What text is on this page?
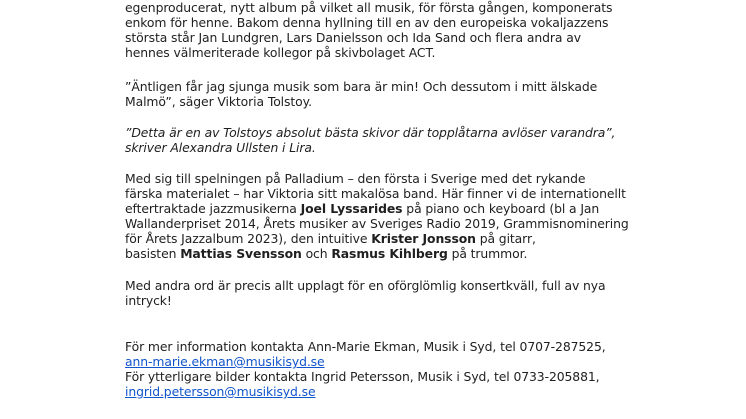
egenproducerat, nytt album på vilket all musik, för första gången, komponerats
enkom för henne. Bakom denna hyllning till en av den europeiska vokaljazzens
största står Jan Lundgren, Lars Danielsson och Ida Sand och flera andra av
hennes välmeriterade kollegor på skivbolaget ACT.

”Äntligen får jag sjunga musik som bara är min! Och dessutom i mitt älskade
Malmö”, säger Viktoria Tolstoy.

”Detta är en av Tolstoys absolut bästa skivor där topplåtarna avlöser varandra”,
skriver Alexandra Ullsten i Lira.

Med sig till spelningen på Palladium – den första i Sverige med det rykande
färska materialet – har Viktoria sitt makalösa band. Här finner vi de internationellt
eftertraktade jazzmusikerna Joel Lyssarides på piano och keyboard (bl a Jan
Wallanderpriset 2014, Årets musiker av Sveriges Radio 2019, Grammisnominering
för Årets Jazzalbum 2023), den intuitive Krister Jonsson på gitarr,
basisten Mattias Svensson och Rasmus Kihlberg på trummor.

Med andra ord är precis allt upplagt för en oförglömlig konsertkväll, full av nya
intryck!

För mer information kontakta Ann-Marie Ekman, Musik i Syd, tel 0707-287525,
ann-marie.ekman@musikisyd.se
För ytterligare bilder kontakta Ingrid Petersson, Musik i Syd, tel 0733-205881,
ingrid.petersson@musikisyd.se
